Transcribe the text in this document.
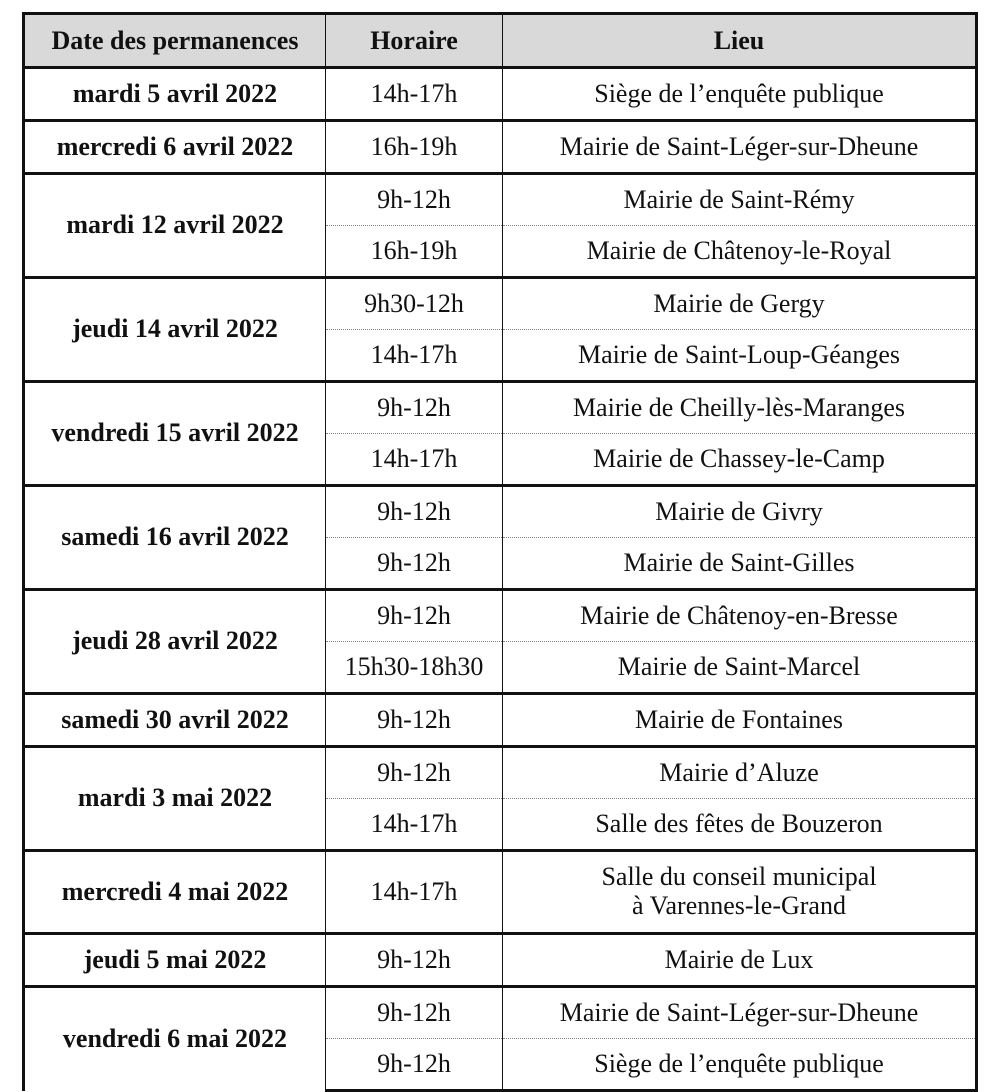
Date des permanences	Horaire	Lieu
mardi 5 avril 2022	14h-17h	Siège de l’enquête publique
mercredi 6 avril 2022	16h-19h	Mairie de Saint-Léger-sur-Dheune
mardi 12 avril 2022	9h-12h	Mairie de Saint-Rémy
	16h-19h	Mairie de Châtenoy-le-Royal
jeudi 14 avril 2022	9h30-12h	Mairie de Gergy
	14h-17h	Mairie de Saint-Loup-Géanges
vendredi 15 avril 2022	9h-12h	Mairie de Cheilly-lès-Maranges
	14h-17h	Mairie de Chassey-le-Camp
samedi 16 avril 2022	9h-12h	Mairie de Givry
	9h-12h	Mairie de Saint-Gilles
jeudi 28 avril 2022	9h-12h	Mairie de Châtenoy-en-Bresse
	15h30-18h30	Mairie de Saint-Marcel
samedi 30 avril 2022	9h-12h	Mairie de Fontaines
mardi 3 mai 2022	9h-12h	Mairie d’Aluze
	14h-17h	Salle des fêtes de Bouzeron
mercredi 4 mai 2022	14h-17h	Salle du conseil municipal
à Varennes-le-Grand

jeudi 5 mai 2022	9h-12h	Mairie de Lux
vendredi 6 mai 2022	9h-12h	Mairie de Saint-Léger-sur-Dheune
	9h-12h	Siège de l’enquête publique
